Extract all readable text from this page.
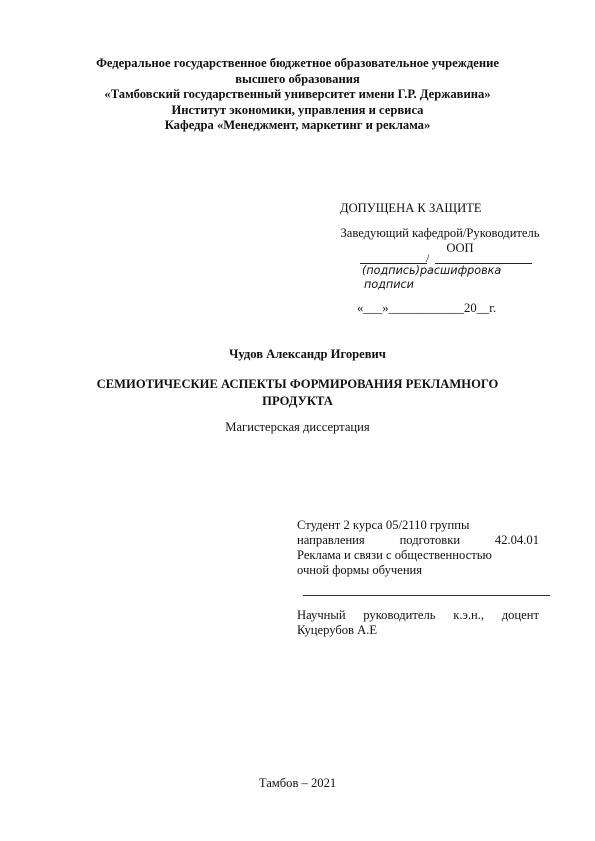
Федеральное государственное бюджетное образовательное учреждение
высшего образования
«Тамбовский государственный университет имени Г.Р. Державина»
Институт экономики, управления и сервиса
Кафедра «Менеджмент, маркетинг и реклама»
ДОПУЩЕНА К ЗАЩИТЕ
Заведующий кафедрой/Руководитель
ООП
/
(подпись)расшифровка
подписи
«___»____________20__г.
Чудов Александр Игоревич
СЕМИОТИЧЕСКИЕ АСПЕКТЫ ФОРМИРОВАНИЯ РЕКЛАМНОГО
ПРОДУКТА
Магистерская диссертация
Студент 2 курса 05/2110 группы
направления подготовки 42.04.01
Реклама и связи с общественностью
очной формы обучения
Научный руководитель к.э.н., доцент
Куцерубов А.Е
Тамбов – 2021
